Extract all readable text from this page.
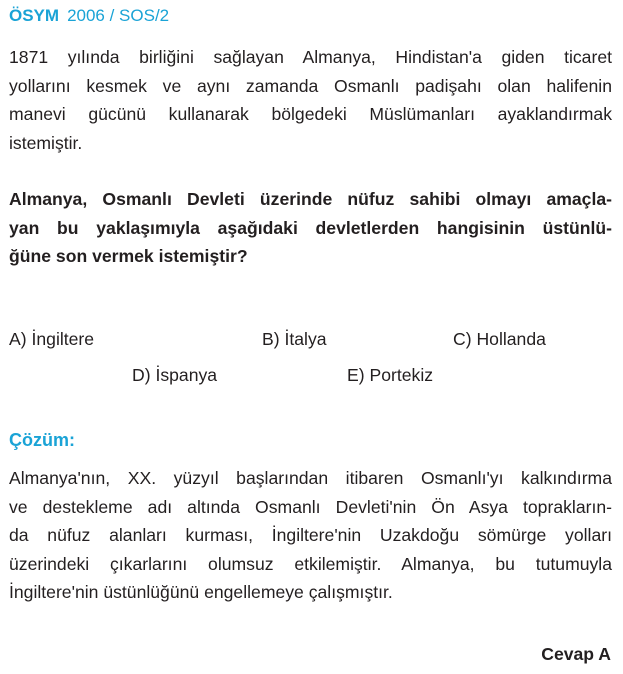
ÖSYM 2006 / SOS/2

1871 yılında birliğini sağlayan Almanya, Hindistan'a giden ticaret
yollarını kesmek ve aynı zamanda Osmanlı padişahı olan halifenin
manevi gücünü kullanarak bölgedeki Müslümanları ayaklandırmak
istemiştir.

Almanya, Osmanlı Devleti üzerinde nüfuz sahibi olmayı amaçla-
yan bu yaklaşımıyla aşağıdaki devletlerden hangisinin üstünlü-
ğüne son vermek istemiştir?

A) İngiltere	B) İtalya	C) Hollanda
D) İspanya	E) Portekiz
Çözüm:

Almanya'nın, XX. yüzyıl başlarından itibaren Osmanlı'yı kalkındırma
ve destekleme adı altında Osmanlı Devleti'nin Ön Asya toprakların-
da nüfuz alanları kurması, İngiltere'nin Uzakdoğu sömürge yolları
üzerindeki çıkarlarını olumsuz etkilemiştir. Almanya, bu tutumuyla
İngiltere'nin üstünlüğünü engellemeye çalışmıştır.

Cevap A
